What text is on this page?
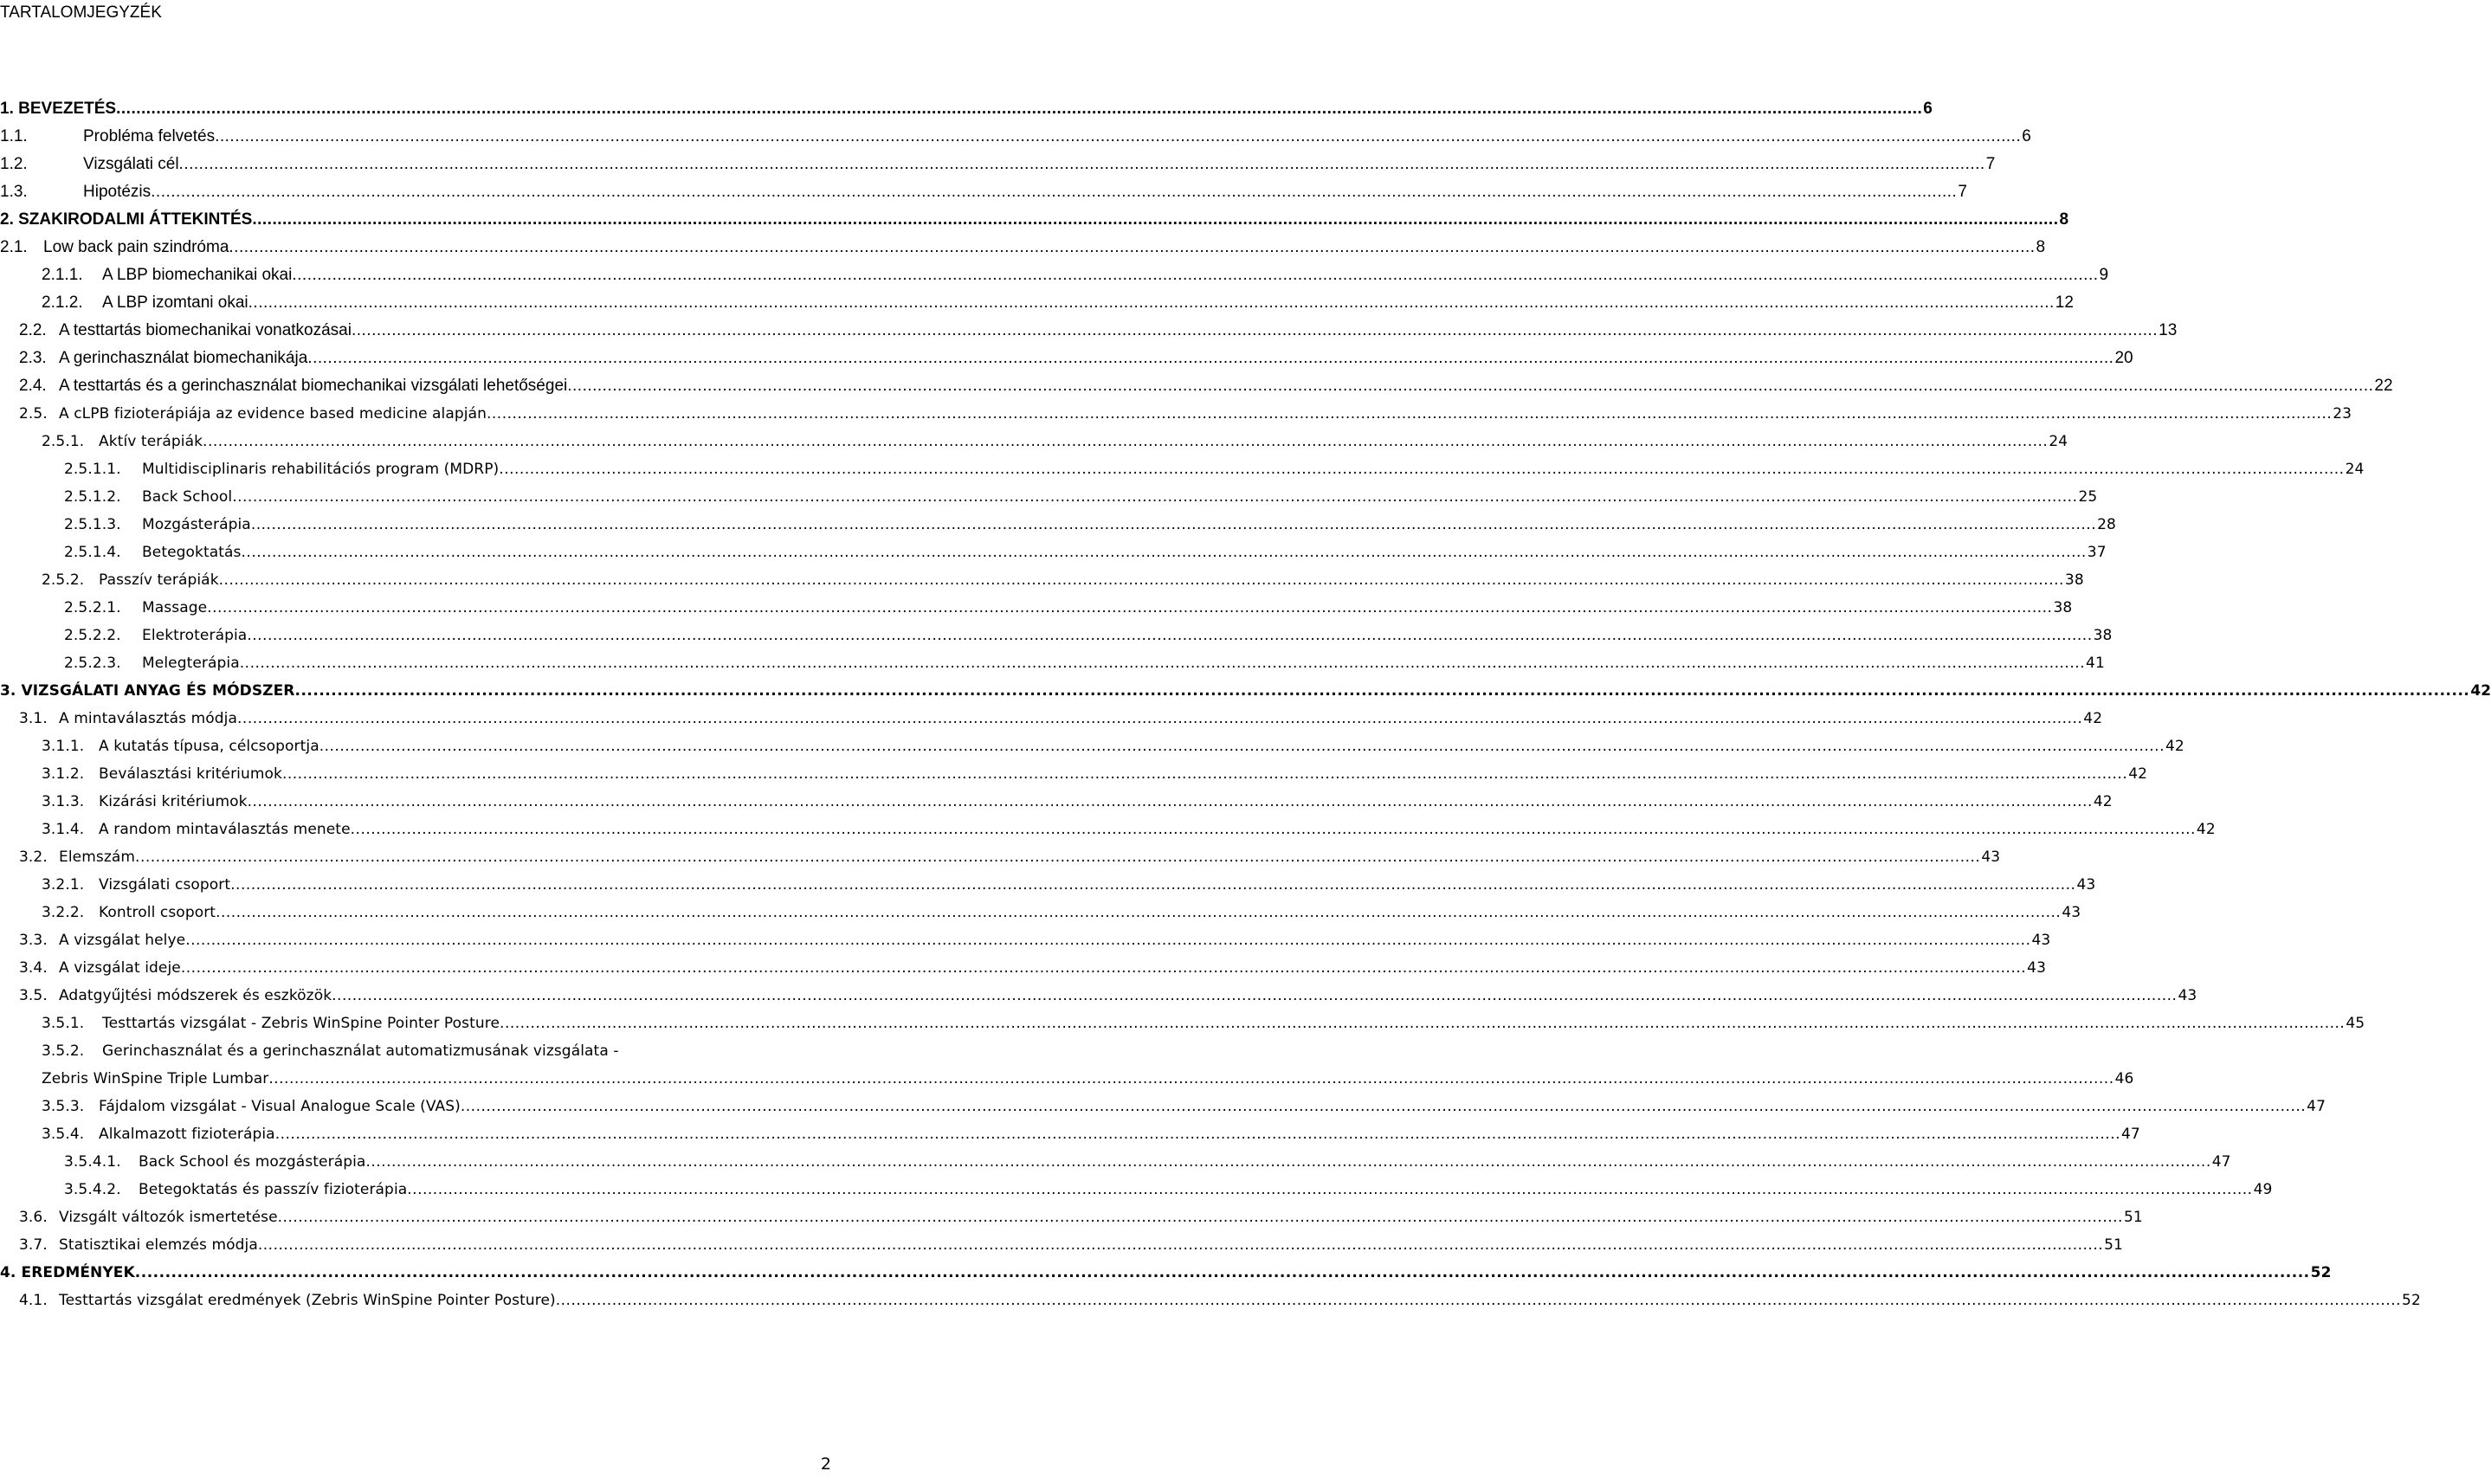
TARTALOMJEGYZÉK
1. BEVEZETÉS .....	6
1.1.	Probléma felvetés .....	6
1.2.	Vizsgálati cél .....	7
1.3.	Hipotézis .....	7
2. SZAKIRODALMI ÁTTEKINTÉS .....	8
2.1. Low back pain szindróma .....	8
2.1.1.	A LBP biomechanikai okai .....	9
2.1.2.	A LBP izomtani okai .....	12
2.2. A testtartás biomechanikai vonatkozásai .....	13
2.3. A gerinchasználat biomechanikája .....	20
2.4. A testtartás és a gerinchasználat biomechanikai vizsgálati lehetőségei .....	22
2.5. A cLPB fizioterápiája az evidence based medicine alapján .....	23
2.5.1. Aktív terápiák .....	24
2.5.1.1.	Multidisciplinaris rehabilitációs program (MDRP) .....	24
2.5.1.2.	Back School .....	25
2.5.1.3.	Mozgásterápia .....	28
2.5.1.4.	Betegoktatás .....	37
2.5.2. Passzív terápiák .....	38
2.5.2.1.	Massage .....	38
2.5.2.2.	Elektroterápia .....	38
2.5.2.3.	Melegterápia .....	41
3. VIZSGÁLATI ANYAG ÉS MÓDSZER .....	42
3.1. A mintaválasztás módja .....	42
3.1.1. A kutatás típusa, célcsoportja .....	42
3.1.2. Beválasztási kritériumok .....	42
3.1.3. Kizárási kritériumok .....	42
3.1.4. A random mintaválasztás menete .....	42
3.2. Elemszám .....	43
3.2.1. Vizsgálati csoport .....	43
3.2.2. Kontroll csoport .....	43
3.3. A vizsgálat helye .....	43
3.4. A vizsgálat ideje .....	43
3.5. Adatgyűjtési módszerek és eszközök .....	43
3.5.1.	Testtartás vizsgálat - Zebris WinSpine Pointer Posture .....	45
3.5.2.	Gerinchasználat és a gerinchasználat automatizmusának vizsgálata -
Zebris WinSpine Triple Lumbar .....	46
3.5.3. Fájdalom vizsgálat - Visual Analogue Scale (VAS) .....	47
3.5.4. Alkalmazott fizioterápia .....	47
3.5.4.1.	Back School és mozgásterápia .....	47
3.5.4.2.	Betegoktatás és passzív fizioterápia .....	49
3.6. Vizsgált változók ismertetése .....	51
3.7. Statisztikai elemzés módja .....	51
4. EREDMÉNYEK .....	52
4.1. Testtartás vizsgálat eredmények (Zebris WinSpine Pointer Posture) .....	52
2
